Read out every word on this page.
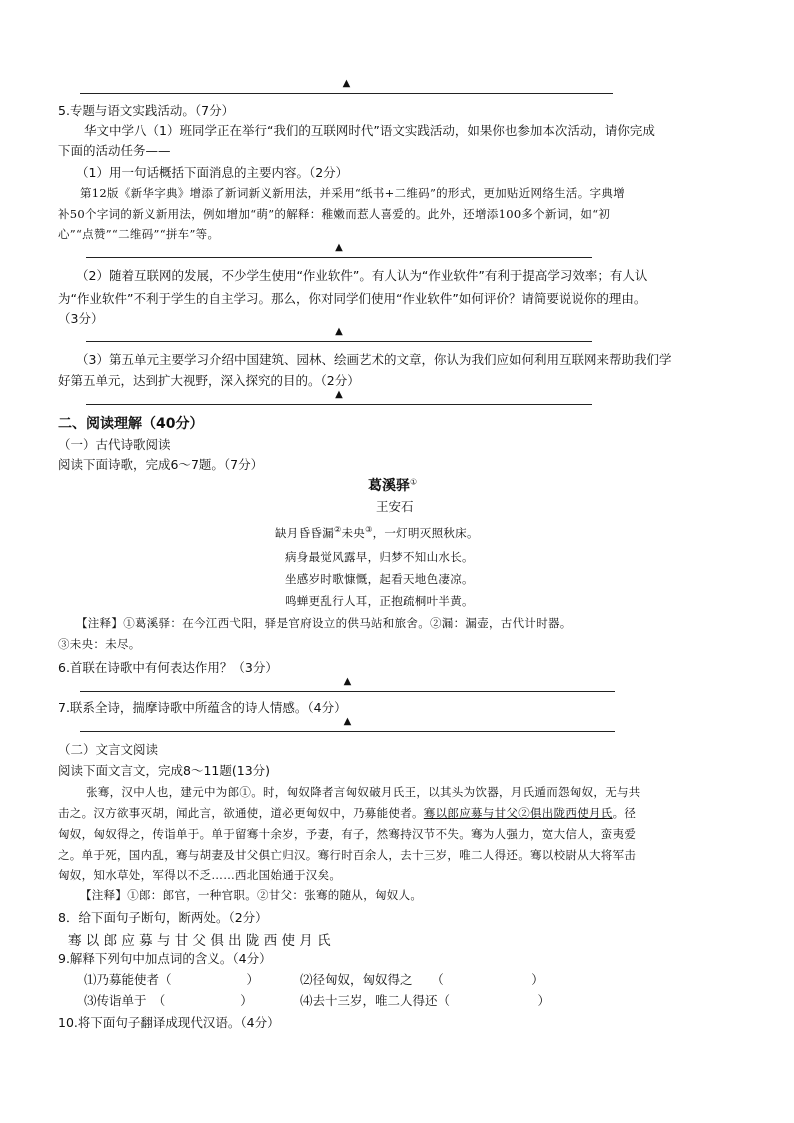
▲
5.专题与语文实践活动。（7分）
华文中学八（1）班同学正在举行“我们的互联网时代”语文实践活动，如果你也参加本次活动，请你完成
下面的活动任务——
（1）用一句话概括下面消息的主要内容。（2分）
第12版《新华字典》增添了新词新义新用法，并采用“纸书+二维码”的形式，更加贴近网络生活。字典增
补50个字词的新义新用法，例如增加“萌”的解释：稚嫩而惹人喜爱的。此外，还增添100多个新词，如“初
心”“点赞”“二维码”“拼车”等。
▲
（2）随着互联网的发展，不少学生使用“作业软件”。有人认为“作业软件”有利于提高学习效率；有人认
为“作业软件”不利于学生的自主学习。那么，你对同学们使用“作业软件”如何评价？请简要说说你的理由。
（3分）
▲
（3）第五单元主要学习介绍中国建筑、园林、绘画艺术的文章，你认为我们应如何利用互联网来帮助我们学
好第五单元，达到扩大视野，深入探究的目的。（2分）
▲
二、阅读理解（40分）
（一）古代诗歌阅读
阅读下面诗歌，完成6～7题。（7分）
葛溪驿①
王安石
缺月昏昏漏②未央③，一灯明灭照秋床。
病身最觉风露早，归梦不知山水长。
坐感岁时歌慷慨，起看天地色凄凉。
鸣蝉更乱行人耳，正抱疏桐叶半黄。
【注释】①葛溪驿：在今江西弋阳，驿是官府设立的供马站和旅舍。②漏：漏壶，古代计时器。
③未央：未尽。
6.首联在诗歌中有何表达作用？（3分）
▲
7.联系全诗，揣摩诗歌中所蕴含的诗人情感。（4分）
▲
（二）文言文阅读
阅读下面文言文，完成8～11题(13分)
张骞，汉中人也，建元中为郎①。时，匈奴降者言匈奴破月氏王，以其头为饮器，月氏遁而怨匈奴，无与共
击之。汉方欲事灭胡，闻此言，欲通使，道必更匈奴中，乃募能使者。骞以郎应募与甘父②俱出陇西使月氏。径
匈奴，匈奴得之，传诣单于。单于留骞十余岁，予妻，有子，然骞持汉节不失。骞为人强力，宽大信人，蛮夷爱
之。单于死，国内乱，骞与胡妻及甘父俱亡归汉。骞行时百余人，去十三岁，唯二人得还。骞以校尉从大将军击
匈奴，知水草处，军得以不乏……西北国始通于汉矣。
【注释】①郎：郎官，一种官职。②甘父：张骞的随从，匈奴人。
8．给下面句子断句，断两处。（2分）
骞 以 郎 应 募 与 甘 父 俱 出 陇 西 使 月 氏
9.解释下列句中加点词的含义。（4分）
⑴乃募能使者（　　　　　　）	⑵径匈奴，匈奴得之　　（　　　　　　　）
⑶传诣单于　（　　　　　　）	⑷去十三岁，唯二人得还（　　　　　　　）
10.将下面句子翻译成现代汉语。（4分）
